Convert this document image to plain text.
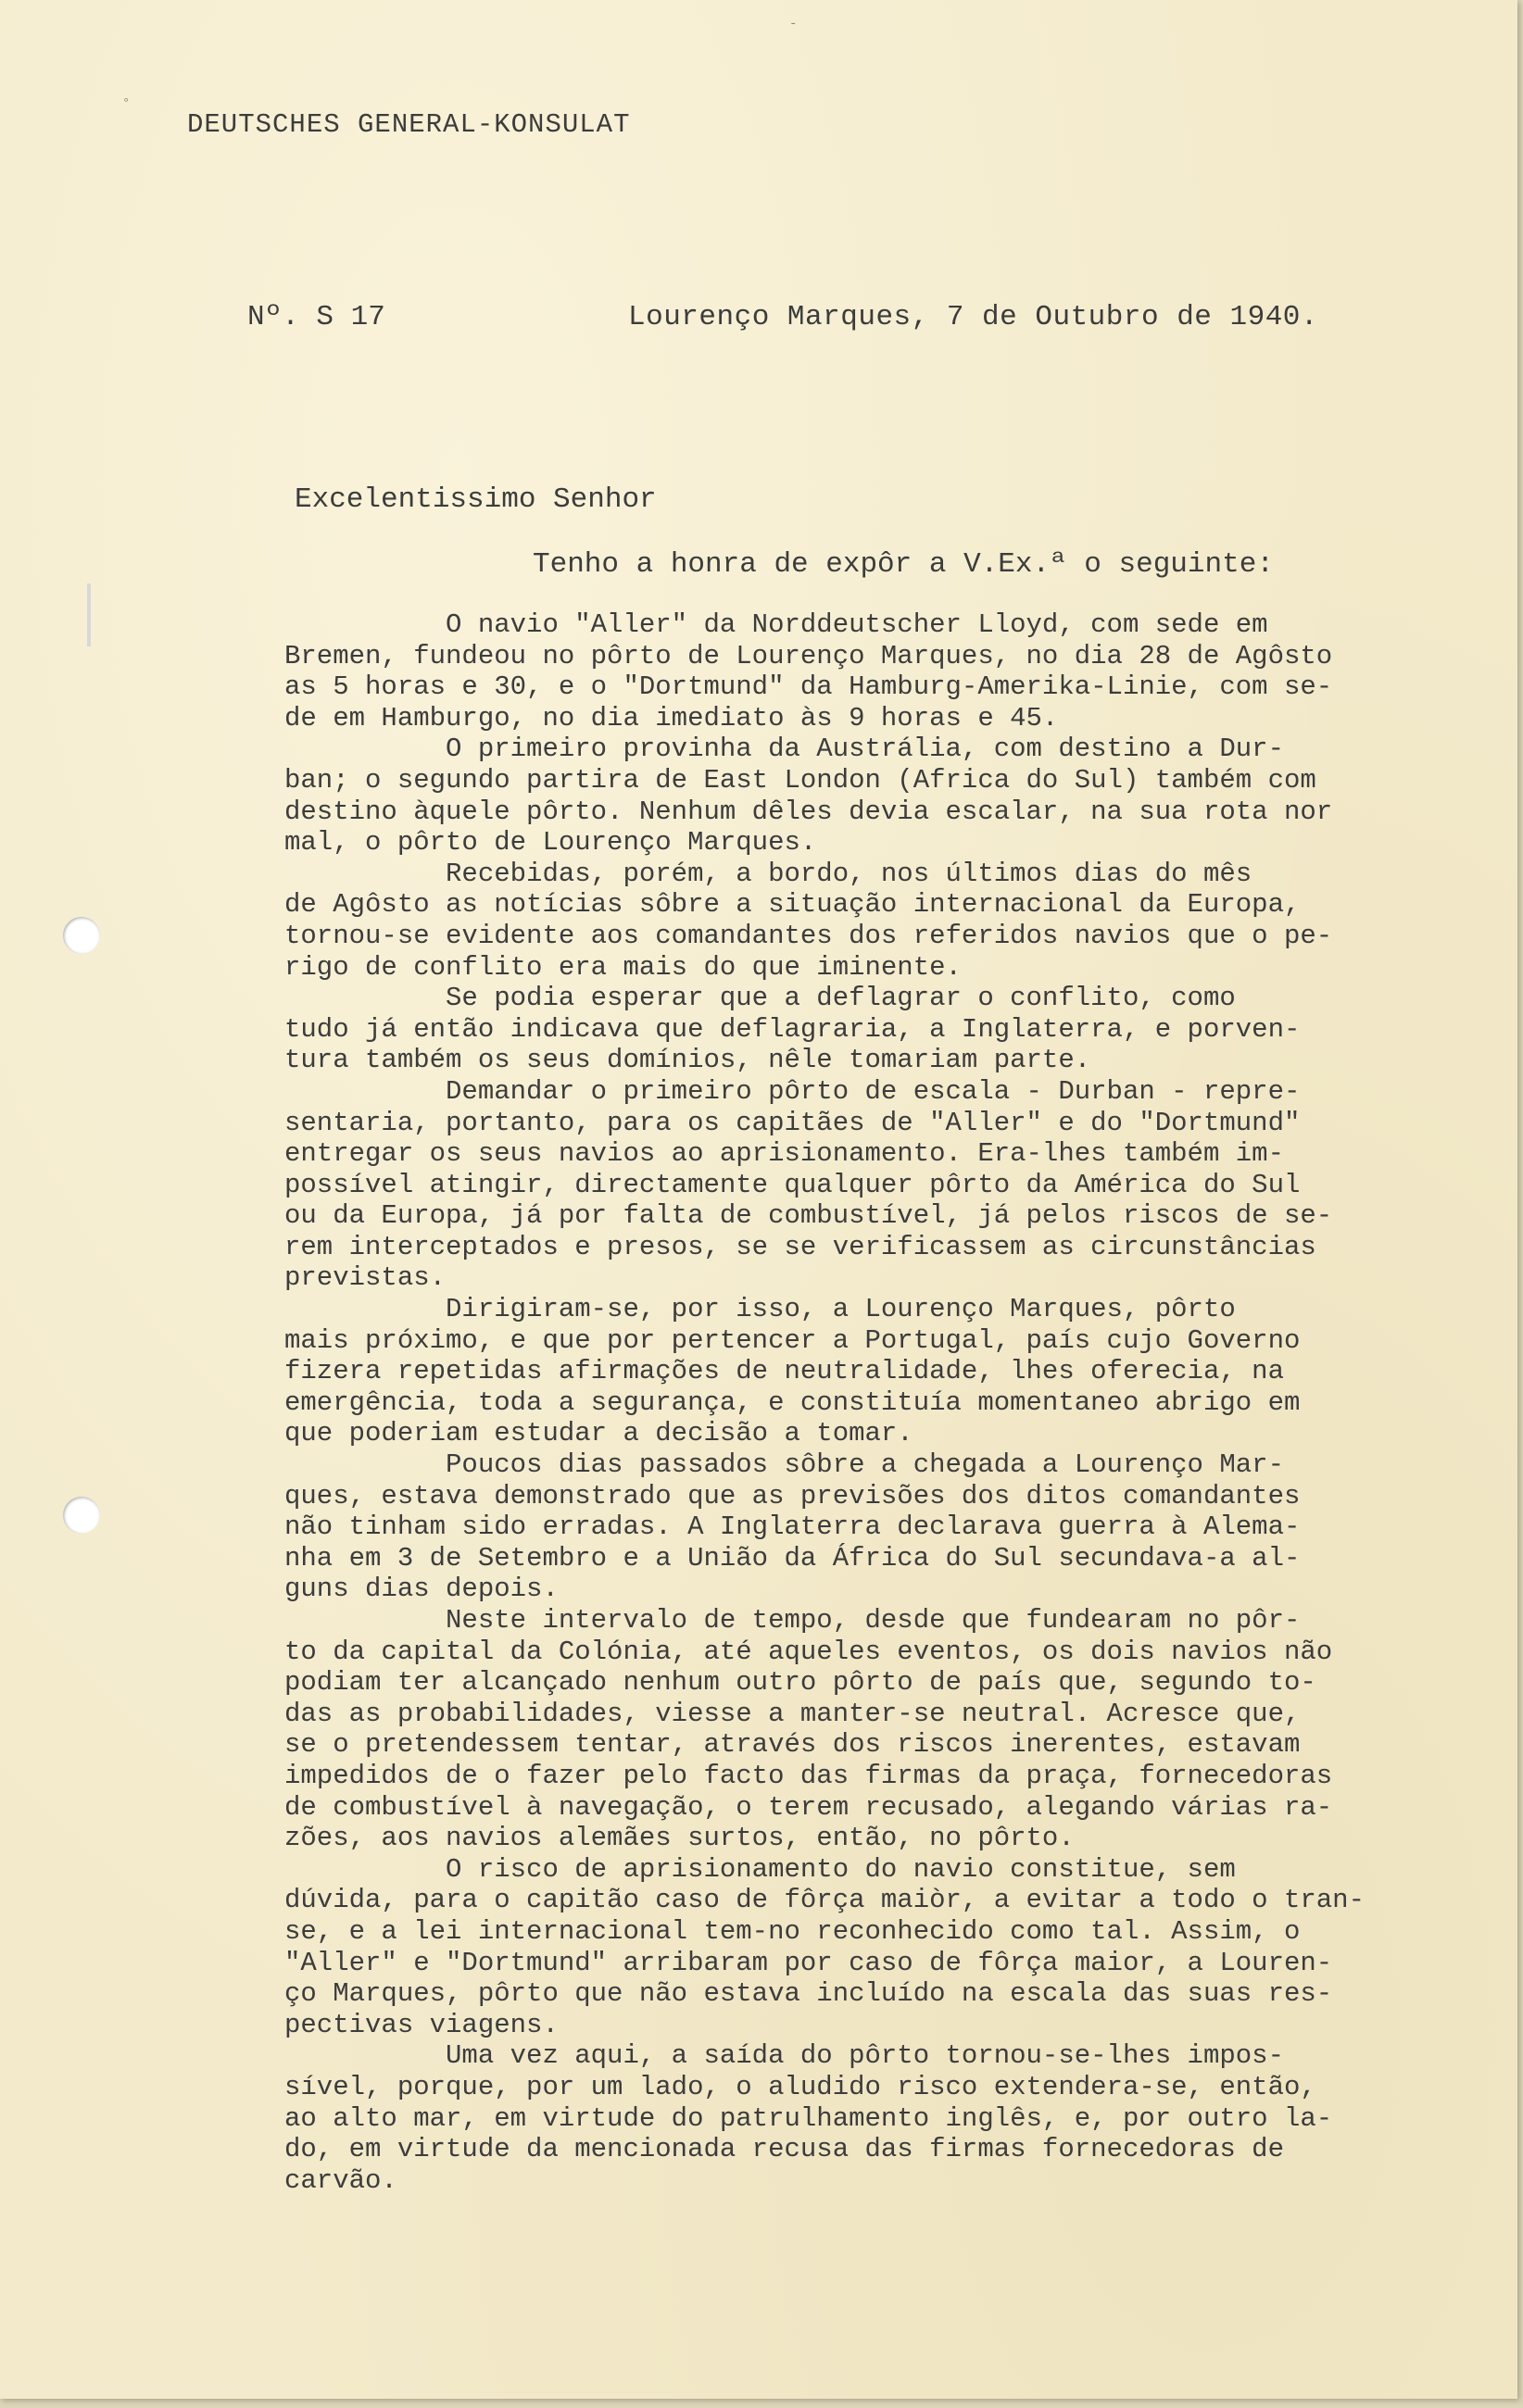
°
-
DEUTSCHES GENERAL-KONSULAT
Nº. S 17	Lourenço Marques, 7 de Outubro de 1940.
Excelentissimo Senhor
Tenho a honra de expôr a V.Ex.ª o seguinte:
O navio "Aller" da Norddeutscher Lloyd, com sede em
Bremen, fundeou no pôrto de Lourenço Marques, no dia 28 de Agôsto
as 5 horas e 30, e o "Dortmund" da Hamburg-Amerika-Linie, com se-
de em Hamburgo, no dia imediato às 9 horas e 45.
O primeiro provinha da Austrália, com destino a Dur-
ban; o segundo partira de East London (Africa do Sul) também com
destino àquele pôrto. Nenhum dêles devia escalar, na sua rota nor
mal, o pôrto de Lourenço Marques.
Recebidas, porém, a bordo, nos últimos dias do mês
de Agôsto as notícias sôbre a situação internacional da Europa,
tornou-se evidente aos comandantes dos referidos navios que o pe-
rigo de conflito era mais do que iminente.
Se podia esperar que a deflagrar o conflito, como
tudo já então indicava que deflagraria, a Inglaterra, e porven-
tura também os seus domínios, nêle tomariam parte.
Demandar o primeiro pôrto de escala - Durban - repre-
sentaria, portanto, para os capitães de "Aller" e do "Dortmund"
entregar os seus navios ao aprisionamento. Era-lhes também im-
possível atingir, directamente qualquer pôrto da América do Sul
ou da Europa, já por falta de combustível, já pelos riscos de se-
rem interceptados e presos, se se verificassem as circunstâncias
previstas.
Dirigiram-se, por isso, a Lourenço Marques, pôrto
mais próximo, e que por pertencer a Portugal, país cujo Governo
fizera repetidas afirmações de neutralidade, lhes oferecia, na
emergência, toda a segurança, e constituía momentaneo abrigo em
que poderiam estudar a decisão a tomar.
Poucos dias passados sôbre a chegada a Lourenço Mar-
ques, estava demonstrado que as previsões dos ditos comandantes
não tinham sido erradas. A Inglaterra declarava guerra à Alema-
nha em 3 de Setembro e a União da África do Sul secundava-a al-
guns dias depois.
Neste intervalo de tempo, desde que fundearam no pôr-
to da capital da Colónia, até aqueles eventos, os dois navios não
podiam ter alcançado nenhum outro pôrto de país que, segundo to-
das as probabilidades, viesse a manter-se neutral. Acresce que,
se o pretendessem tentar, através dos riscos inerentes, estavam
impedidos de o fazer pelo facto das firmas da praça, fornecedoras
de combustível à navegação, o terem recusado, alegando várias ra-
zões, aos navios alemães surtos, então, no pôrto.
O risco de aprisionamento do navio constitue, sem
dúvida, para o capitão caso de fôrça maiòr, a evitar a todo o tran-
se, e a lei internacional tem-no reconhecido como tal. Assim, o
"Aller" e "Dortmund" arribaram por caso de fôrça maior, a Louren-
ço Marques, pôrto que não estava incluído na escala das suas res-
pectivas viagens.
Uma vez aqui, a saída do pôrto tornou-se-lhes impos-
sível, porque, por um lado, o aludido risco extendera-se, então,
ao alto mar, em virtude do patrulhamento inglês, e, por outro la-
do, em virtude da mencionada recusa das firmas fornecedoras de
carvão.
